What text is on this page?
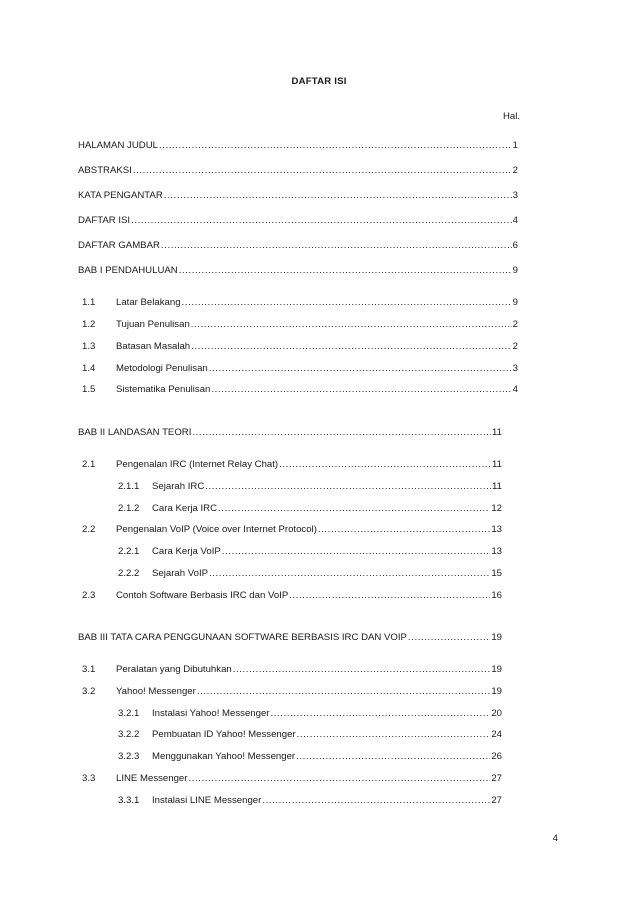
DAFTAR ISI
Hal.
HALAMAN JUDUL .....	1
ABSTRAKSI .....	2
KATA PENGANTAR .....	3
DAFTAR ISI .....	4
DAFTAR GAMBAR .....	6
BAB I PENDAHULUAN .....	9
1.1	Latar Belakang .....	9
1.2	Tujuan Penulisan .....	2
1.3	Batasan Masalah .....	2
1.4	Metodologi Penulisan .....	3
1.5	Sistematika Penulisan .....	4
BAB II LANDASAN TEORI .....	11
2.1	Pengenalan IRC (Internet Relay Chat) .....	11
2.1.1	Sejarah IRC .....	11
2.1.2	Cara Kerja IRC .....	12
2.2	Pengenalan VoIP (Voice over Internet Protocol) .....	13
2.2.1	Cara Kerja VoIP .....	13
2.2.2	Sejarah VoIP .....	15
2.3	Contoh Software Berbasis IRC dan VoIP .....	16
BAB III TATA CARA PENGGUNAAN SOFTWARE BERBASIS IRC DAN VOIP .....	19
3.1	Peralatan yang Dibutuhkan .....	19
3.2	Yahoo! Messenger .....	19
3.2.1	Instalasi Yahoo! Messenger .....	20
3.2.2	Pembuatan ID Yahoo! Messenger .....	24
3.2.3	Menggunakan Yahoo! Messenger .....	26
3.3	LINE Messenger .....	27
3.3.1	Instalasi LINE Messenger .....	27
4
